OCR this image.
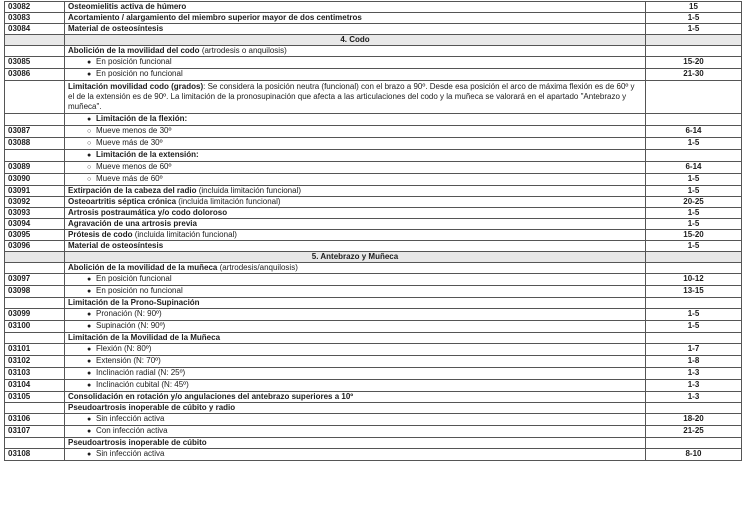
03082	Osteomielitis activa de húmero	15
03083	Acortamiento / alargamiento del miembro superior mayor de dos centimetros	1-5
03084	Material de osteosíntesis	1-5
4. Codo
Abolición de la movilidad del codo (artrodesis o anquilosis)
03085	● En posición funcional	15-20
03086	● En posición no funcional	21-30
Limitación movilidad codo (grados): Se considera la posición neutra (funcional) con el brazo a 90º. Desde esa posición el arco de máxima flexión es de 60º y el de la extensión es de 90º. La limitación de la pronosupinación que afecta a las articulaciones del codo y la muñeca se valorará en el apartado "Antebrazo y muñeca".
● Limitación de la flexión:
03087	○ Mueve menos de 30º	6-14
03088	○ Mueve más de 30º	1-5
● Limitación de la extensión:
03089	○ Mueve menos de 60º	6-14
03090	○ Mueve más de 60º	1-5
03091	Extirpación de la cabeza del radio (incluida limitación funcional)	1-5
03092	Osteoartritis séptica crónica (incluida limitación funcional)	20-25
03093	Artrosis postraumática y/o codo doloroso	1-5
03094	Agravación de una artrosis previa	1-5
03095	Prótesis de codo (incluida limitación funcional)	15-20
03096	Material de osteosíntesis	1-5
5. Antebrazo y Muñeca
Abolición de la movilidad de la muñeca (artrodesis/anquilosis)
03097	● En posición funcional	10-12
03098	● En posición no funcional	13-15
Limitación de la Prono-Supinación
03099	● Pronación (N: 90º)	1-5
03100	● Supinación (N: 90º)	1-5
Limitación de la Movilidad de la Muñeca
03101	● Flexión (N: 80º)	1-7
03102	● Extensión (N: 70º)	1-8
03103	● Inclinación radial (N: 25º)	1-3
03104	● Inclinación cubital (N: 45º)	1-3
03105	Consolidación en rotación y/o angulaciones del antebrazo superiores a 10º	1-3
Pseudoartrosis inoperable de cúbito y radio
03106	● Sin infección activa	18-20
03107	● Con infección activa	21-25
Pseudoartrosis inoperable de cúbito
03108	● Sin infección activa	8-10
